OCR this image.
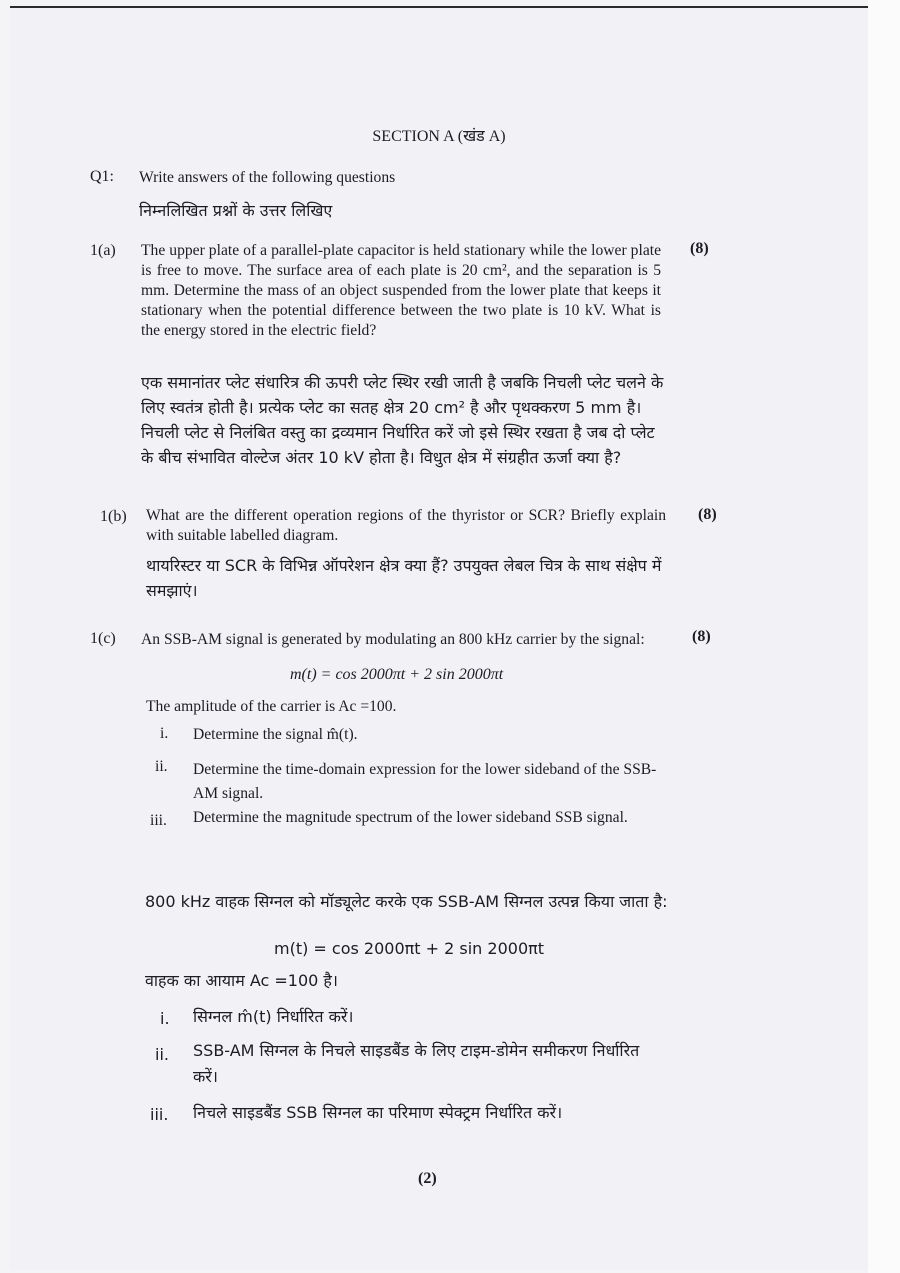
SECTION A (खंड A)
Q1: Write answers of the following questions
निम्नलिखित प्रश्नों के उत्तर लिखिए
1(a)	(8)
The upper plate of a parallel-plate capacitor is held stationary while the lower plate is free to move. The surface area of each plate is 20 cm², and the separation is 5 mm. Determine the mass of an object suspended from the lower plate that keeps it stationary when the potential difference between the two plate is 10 kV. What is the energy stored in the electric field?
एक समानांतर प्लेट संधारित्र की ऊपरी प्लेट स्थिर रखी जाती है जबकि निचली प्लेट चलने के लिए स्वतंत्र होती है। प्रत्येक प्लेट का सतह क्षेत्र 20 cm² है और पृथक्करण 5 mm है। निचली प्लेट से निलंबित वस्तु का द्रव्यमान निर्धारित करें जो इसे स्थिर रखता है जब दो प्लेट के बीच संभावित वोल्टेज अंतर 10 kV होता है। विधुत क्षेत्र में संग्रहीत ऊर्जा क्या है?
1(b)	(8)
What are the different operation regions of the thyristor or SCR? Briefly explain with suitable labelled diagram.
थायरिस्टर या SCR के विभिन्न ऑपरेशन क्षेत्र क्या हैं? उपयुक्त लेबल चित्र के साथ संक्षेप में समझाएं।
1(c)	(8)
An SSB-AM signal is generated by modulating an 800 kHz carrier by the signal:
m(t) = cos 2000πt + 2 sin 2000πt
The amplitude of the carrier is Ac =100.
i. Determine the signal m̂(t).
ii. Determine the time-domain expression for the lower sideband of the SSB-AM signal.
iii. Determine the magnitude spectrum of the lower sideband SSB signal.
800 kHz वाहक सिग्नल को मॉड्यूलेट करके एक SSB-AM सिग्नल उत्पन्न किया जाता है:
m(t) = cos 2000πt + 2 sin 2000πt
वाहक का आयाम Ac =100 है।
i. सिग्नल m̂(t) निर्धारित करें।
ii. SSB-AM सिग्नल के निचले साइडबैंड के लिए टाइम-डोमेन समीकरण निर्धारित करें।
iii. निचले साइडबैंड SSB सिग्नल का परिमाण स्पेक्ट्रम निर्धारित करें।
(2)
